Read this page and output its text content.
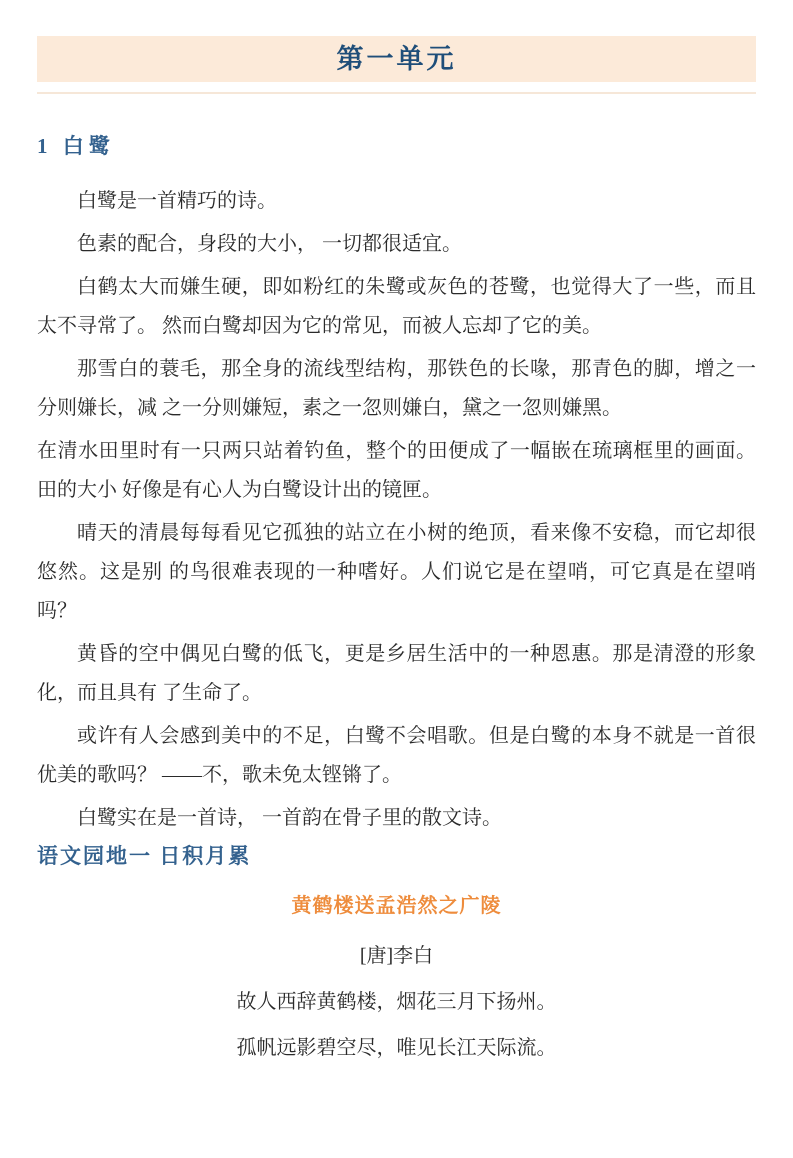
第一单元
1 白鹭

白鹭是一首精巧的诗。

色素的配合，身段的大小， 一切都很适宜。

白鹤太大而嫌生硬，即如粉红的朱鹭或灰色的苍鹭，也觉得大了一些，而且太不寻常了。 然而白鹭却因为它的常见，而被人忘却了它的美。

那雪白的蓑毛，那全身的流线型结构，那铁色的长喙，那青色的脚，增之一分则嫌长，减 之一分则嫌短，素之一忽则嫌白，黛之一忽则嫌黑。

在清水田里时有一只两只站着钓鱼，整个的田便成了一幅嵌在琉璃框里的画面。田的大小 好像是有心人为白鹭设计出的镜匣。

晴天的清晨每每看见它孤独的站立在小树的绝顶，看来像不安稳，而它却很悠然。这是别 的鸟很难表现的一种嗜好。人们说它是在望哨，可它真是在望哨吗？

黄昏的空中偶见白鹭的低飞，更是乡居生活中的一种恩惠。那是清澄的形象化，而且具有 了生命了。

或许有人会感到美中的不足，白鹭不会唱歌。但是白鹭的本身不就是一首很优美的歌吗？ ——不，歌未免太铿锵了。

白鹭实在是一首诗， 一首韵在骨子里的散文诗。

语文园地一 日积月累

黄鹤楼送孟浩然之广陵

[唐]李白

故人西辞黄鹤楼，烟花三月下扬州。

孤帆远影碧空尽，唯见长江天际流。
